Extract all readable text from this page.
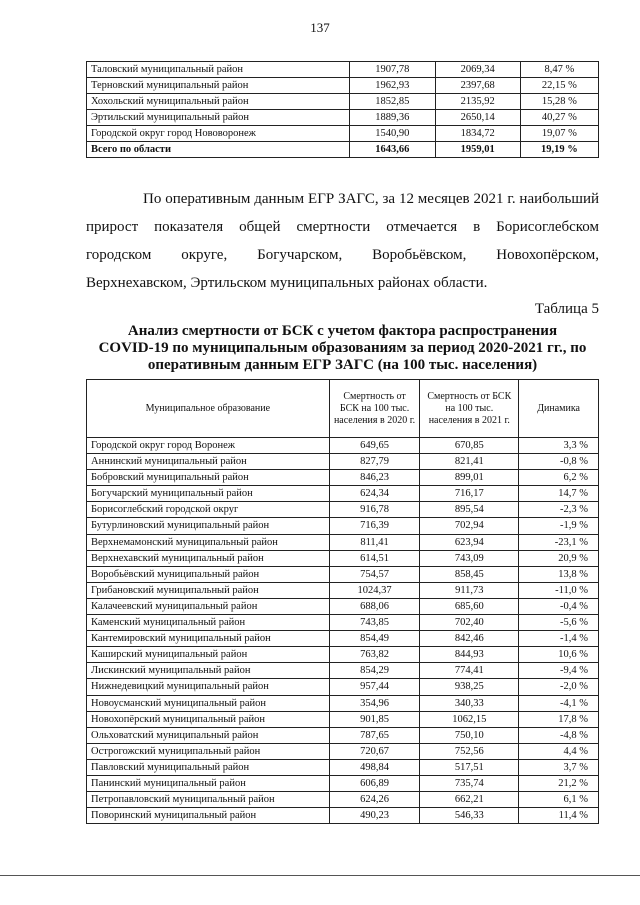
137
Таловский муниципальный район	1907,78	2069,34	8,47 %
Терновский муниципальный район	1962,93	2397,68	22,15 %
Хохольский муниципальный район	1852,85	2135,92	15,28 %
Эртильский муниципальный район	1889,36	2650,14	40,27 %
Городской округ город Нововоронеж	1540,90	1834,72	19,07 %
Всего по области	1643,66	1959,01	19,19 %

По оперативным данным ЕГР ЗАГС, за 12 месяцев 2021 г. наибольший
прирост показателя общей смертности отмечается в Борисоглебском
городском округе, Богучарском, Воробьёвском, Новохопёрском,
Верхнехавском, Эртильском муниципальных районах области.

Таблица 5
Анализ смертности от БСК с учетом фактора распространения
COVID-19 по муниципальным образованиям за период 2020-2021 гг., по
оперативным данным ЕГР ЗАГС (на 100 тыс. населения)
Муниципальное образование	Смертность от БСК на 100 тыс. населения в 2020 г.	Смертность от БСК на 100 тыс. населения в 2021 г.	Динамика
Городской округ город Воронеж	649,65	670,85	3,3 %
Аннинский муниципальный район	827,79	821,41	-0,8 %
Бобровский муниципальный район	846,23	899,01	6,2 %
Богучарский муниципальный район	624,34	716,17	14,7 %
Борисоглебский городской округ	916,78	895,54	-2,3 %
Бутурлиновский муниципальный район	716,39	702,94	-1,9 %
Верхнемамонский муниципальный район	811,41	623,94	-23,1 %
Верхнехавский муниципальный район	614,51	743,09	20,9 %
Воробьёвский муниципальный район	754,57	858,45	13,8 %
Грибановский муниципальный район	1024,37	911,73	-11,0 %
Калачеевский муниципальный район	688,06	685,60	-0,4 %
Каменский муниципальный район	743,85	702,40	-5,6 %
Кантемировский муниципальный район	854,49	842,46	-1,4 %
Каширский муниципальный район	763,82	844,93	10,6 %
Лискинский муниципальный район	854,29	774,41	-9,4 %
Нижнедевицкий муниципальный район	957,44	938,25	-2,0 %
Новоусманский муниципальный район	354,96	340,33	-4,1 %
Новохопёрский муниципальный район	901,85	1062,15	17,8 %
Ольховатский муниципальный район	787,65	750,10	-4,8 %
Острогожский муниципальный район	720,67	752,56	4,4 %
Павловский муниципальный район	498,84	517,51	3,7 %
Панинский муниципальный район	606,89	735,74	21,2 %
Петропавловский муниципальный район	624,26	662,21	6,1 %
Поворинский муниципальный район	490,23	546,33	11,4 %
